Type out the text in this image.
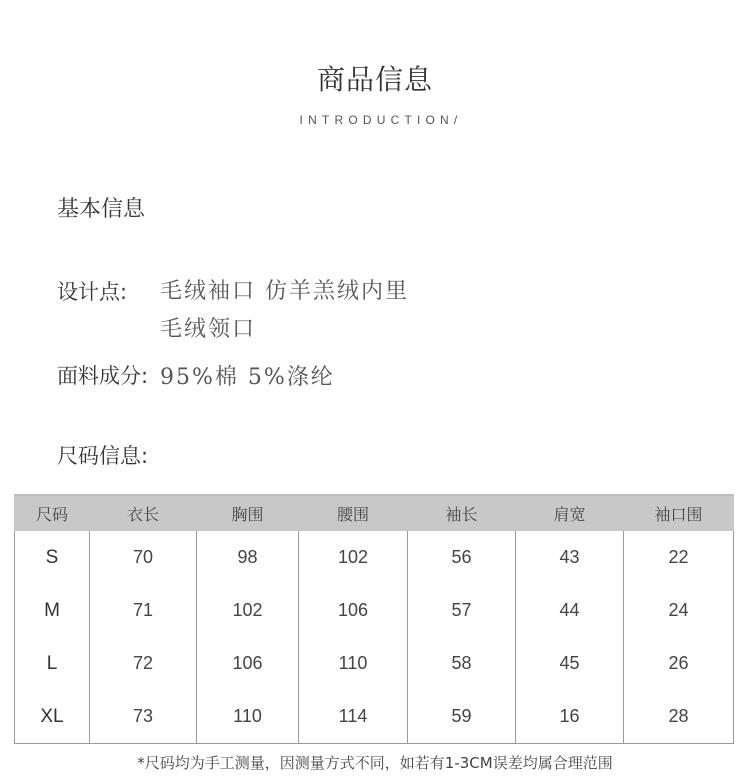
商品信息
INTRODUCTION/
基本信息
设计点: 毛绒袖口 仿羊羔绒内里
毛绒领口
面料成分: 95%棉 5%涤纶
尺码信息:
尺码	衣长	胸围	腰围	袖长	肩宽	袖口围
S	70	98	102	56	43	22
M	71	102	106	57	44	24
L	72	106	110	58	45	26
XL	73	110	114	59	16	28
*尺码均为手工测量，因测量方式不同，如若有1-3CM误差均属合理范围
